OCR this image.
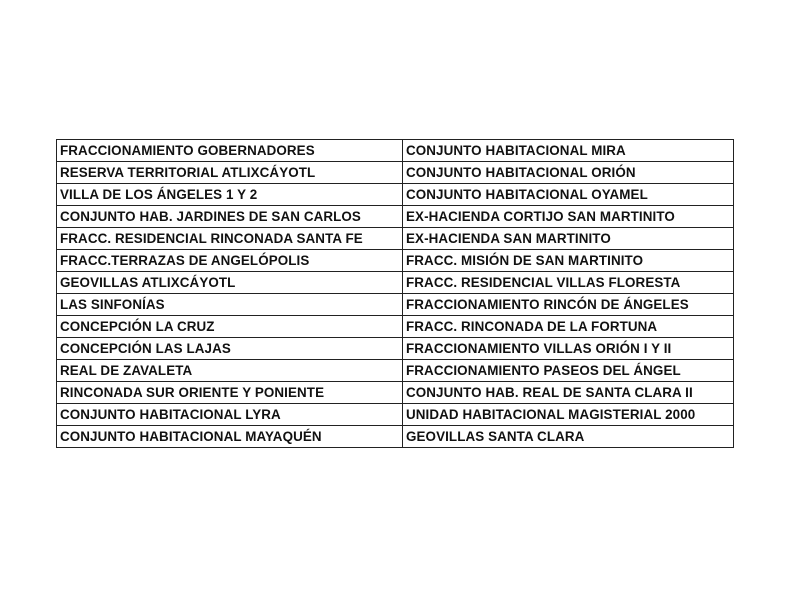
FRACCIONAMIENTO GOBERNADORES	CONJUNTO HABITACIONAL MIRA
RESERVA TERRITORIAL ATLIXCÁYOTL	CONJUNTO HABITACIONAL ORIÓN
VILLA DE LOS ÁNGELES 1 Y 2	CONJUNTO HABITACIONAL OYAMEL
CONJUNTO HAB. JARDINES DE SAN CARLOS	EX-HACIENDA CORTIJO SAN MARTINITO
FRACC. RESIDENCIAL RINCONADA SANTA FE	EX-HACIENDA SAN MARTINITO
FRACC.TERRAZAS DE ANGELÓPOLIS	FRACC. MISIÓN DE SAN MARTINITO
GEOVILLAS ATLIXCÁYOTL	FRACC. RESIDENCIAL VILLAS FLORESTA
LAS SINFONÍAS	FRACCIONAMIENTO RINCÓN DE ÁNGELES
CONCEPCIÓN LA CRUZ	FRACC. RINCONADA DE LA FORTUNA
CONCEPCIÓN LAS LAJAS	FRACCIONAMIENTO VILLAS ORIÓN I Y II
REAL DE ZAVALETA	FRACCIONAMIENTO PASEOS DEL ÁNGEL
RINCONADA SUR ORIENTE Y PONIENTE	CONJUNTO HAB. REAL DE SANTA CLARA II
CONJUNTO HABITACIONAL LYRA	UNIDAD HABITACIONAL MAGISTERIAL 2000
CONJUNTO HABITACIONAL MAYAQUÉN	GEOVILLAS SANTA CLARA
